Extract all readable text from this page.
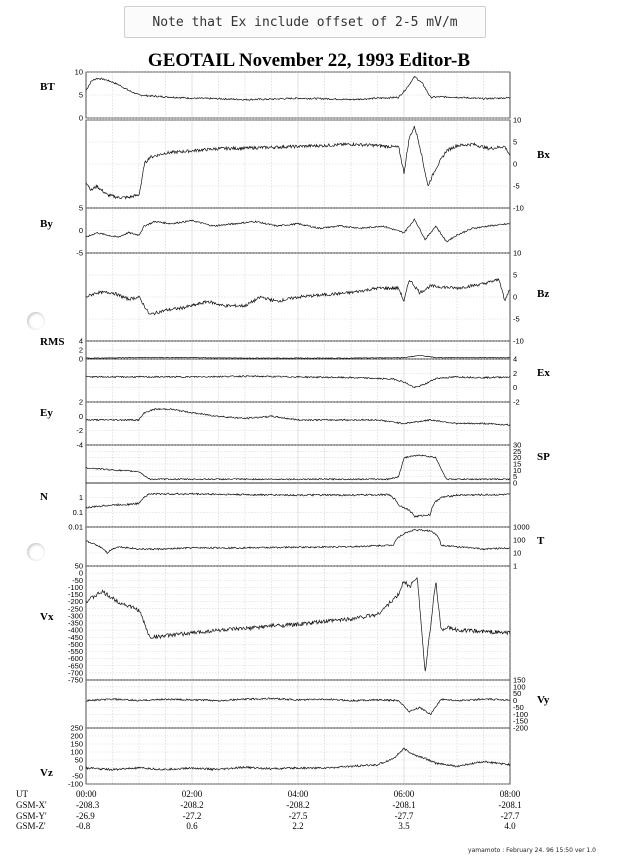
Note that Ex include offset of 2-5 mV/m
GEOTAIL November 22, 1993 Editor-B
10
5
0
BT
10
5
0
-5
-10
Bx
5
0
-5
By
10
5
0
-5
-10
Bz
4
2
0
RMS
4
2
0
-2
Ex
2
0
-2
-4
Ey
30
25
20
15
10
5
0
SP
1
0.1
0.01
N
1000
100
10
1
T
50
0
-50
-100
-150
-200
-250
-300
-350
-400
-450
-500
-550
-600
-650
-700
-750
Vx
150
100
50
0
-50
-100
-150
-200
Vy
250
200
150
100
50
0
-50
-100
Vz
UT	00:00	02:00	04:00	06:00	08:00
GSM-X'	-208.3	-208.2	-208.2	-208.1	-208.1
GSM-Y'	-26.9	-27.2	-27.5	-27.7	-27.7
GSM-Z'	-0.8	0.6	2.2	3.5	4.0
yamamoto : February 24. 96 15:50 ver 1.0
